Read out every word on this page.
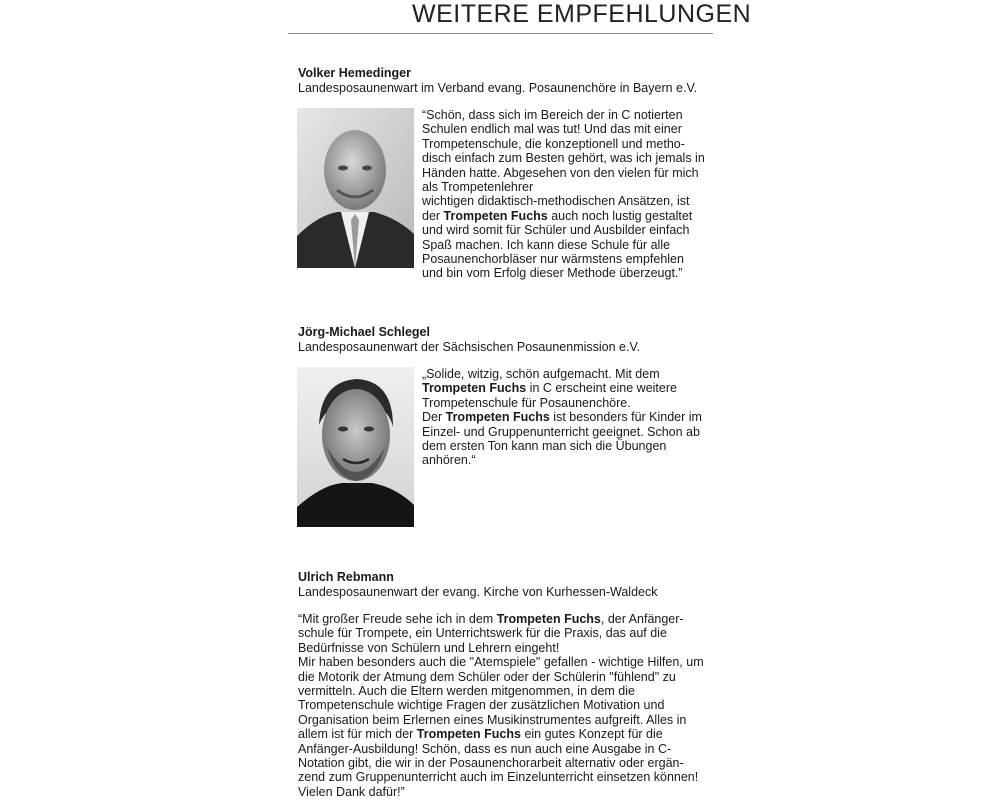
WEITERE EMPFEHLUNGEN
Volker Hemedinger
Landesposaunenwart im Verband evang. Posaunenchöre in Bayern e.V.
“Schön, dass sich im Bereich der in C notierten
Schulen endlich mal was tut! Und das mit einer
Trompetenschule, die konzeptionell und metho-
disch einfach zum Besten gehört, was ich jemals in
Händen hatte. Abgesehen von den vielen für mich
als Trompetenlehrer
wichtigen didaktisch-methodischen Ansätzen, ist
der Trompeten Fuchs auch noch lustig gestaltet
und wird somit für Schüler und Ausbilder einfach
Spaß machen. Ich kann diese Schule für alle
Posaunenchorbläser nur wärmstens empfehlen
und bin vom Erfolg dieser Methode überzeugt.”
Jörg-Michael Schlegel
Landesposaunenwart der Sächsischen Posaunenmission e.V.
„Solide, witzig, schön aufgemacht. Mit dem
Trompeten Fuchs in C erscheint eine weitere
Trompetenschule für Posaunenchöre.
Der Trompeten Fuchs ist besonders für Kinder im
Einzel- und Gruppenunterricht geeignet. Schon ab
dem ersten Ton kann man sich die Übungen
anhören.“
Ulrich Rebmann
Landesposaunenwart der evang. Kirche von Kurhessen-Waldeck
“Mit großer Freude sehe ich in dem Trompeten Fuchs, der Anfänger-
schule für Trompete, ein Unterrichtswerk für die Praxis, das auf die
Bedürfnisse von Schülern und Lehrern eingeht!
Mir haben besonders auch die "Atemspiele" gefallen - wichtige Hilfen, um
die Motorik der Atmung dem Schüler oder der Schülerin "fühlend" zu
vermitteln. Auch die Eltern werden mitgenommen, in dem die
Trompetenschule wichtige Fragen der zusätzlichen Motivation und
Organisation beim Erlernen eines Musikinstrumentes aufgreift. Alles in
allem ist für mich der Trompeten Fuchs ein gutes Konzept für die
Anfänger-Ausbildung! Schön, dass es nun auch eine Ausgabe in C-
Notation gibt, die wir in der Posaunenchorarbeit alternativ oder ergän-
zend zum Gruppenunterricht auch im Einzelunterricht einsetzen können!
Vielen Dank dafür!”
